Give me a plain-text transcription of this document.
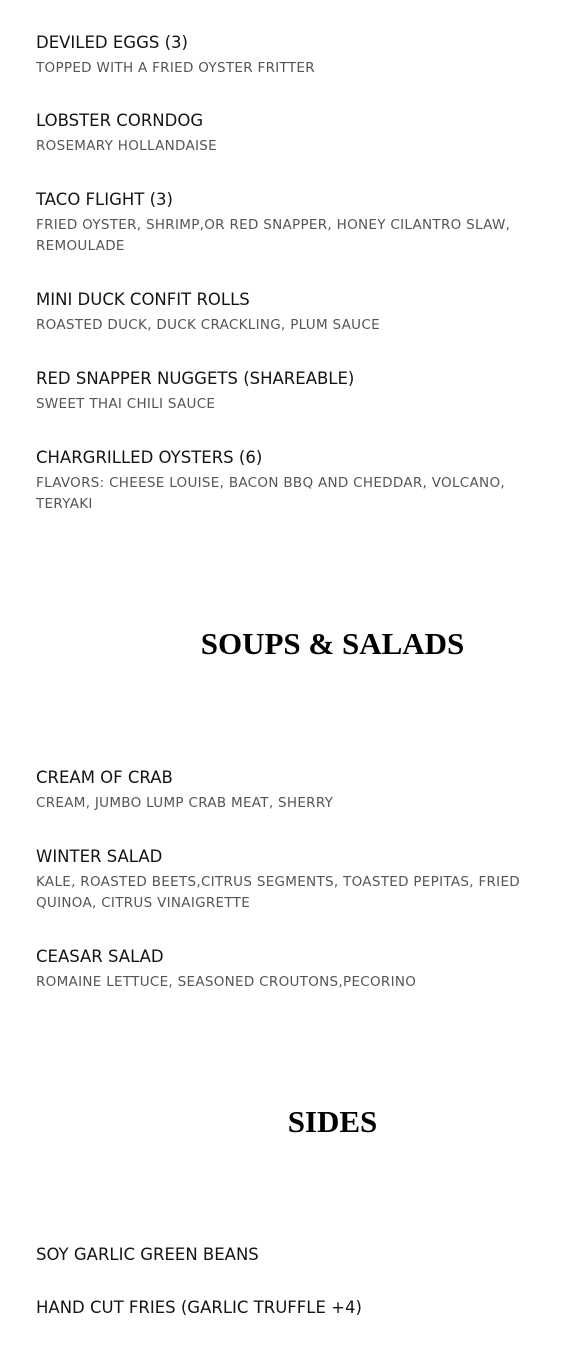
DEVILED EGGS (3)
TOPPED WITH A FRIED OYSTER FRITTER
LOBSTER CORNDOG
ROSEMARY HOLLANDAISE
TACO FLIGHT (3)
FRIED OYSTER, SHRIMP,OR RED SNAPPER, HONEY CILANTRO SLAW, REMOULADE
MINI DUCK CONFIT ROLLS
ROASTED DUCK, DUCK CRACKLING, PLUM SAUCE
RED SNAPPER NUGGETS (SHAREABLE)
SWEET THAI CHILI SAUCE
CHARGRILLED OYSTERS (6)
FLAVORS: CHEESE LOUISE, BACON BBQ AND CHEDDAR, VOLCANO, TERYAKI
SOUPS & SALADS
CREAM OF CRAB
CREAM, JUMBO LUMP CRAB MEAT, SHERRY
WINTER SALAD
KALE, ROASTED BEETS,CITRUS SEGMENTS, TOASTED PEPITAS, FRIED QUINOA, CITRUS VINAIGRETTE
CEASAR SALAD
ROMAINE LETTUCE, SEASONED CROUTONS,PECORINO
SIDES
SOY GARLIC GREEN BEANS
HAND CUT FRIES (GARLIC TRUFFLE +4)
